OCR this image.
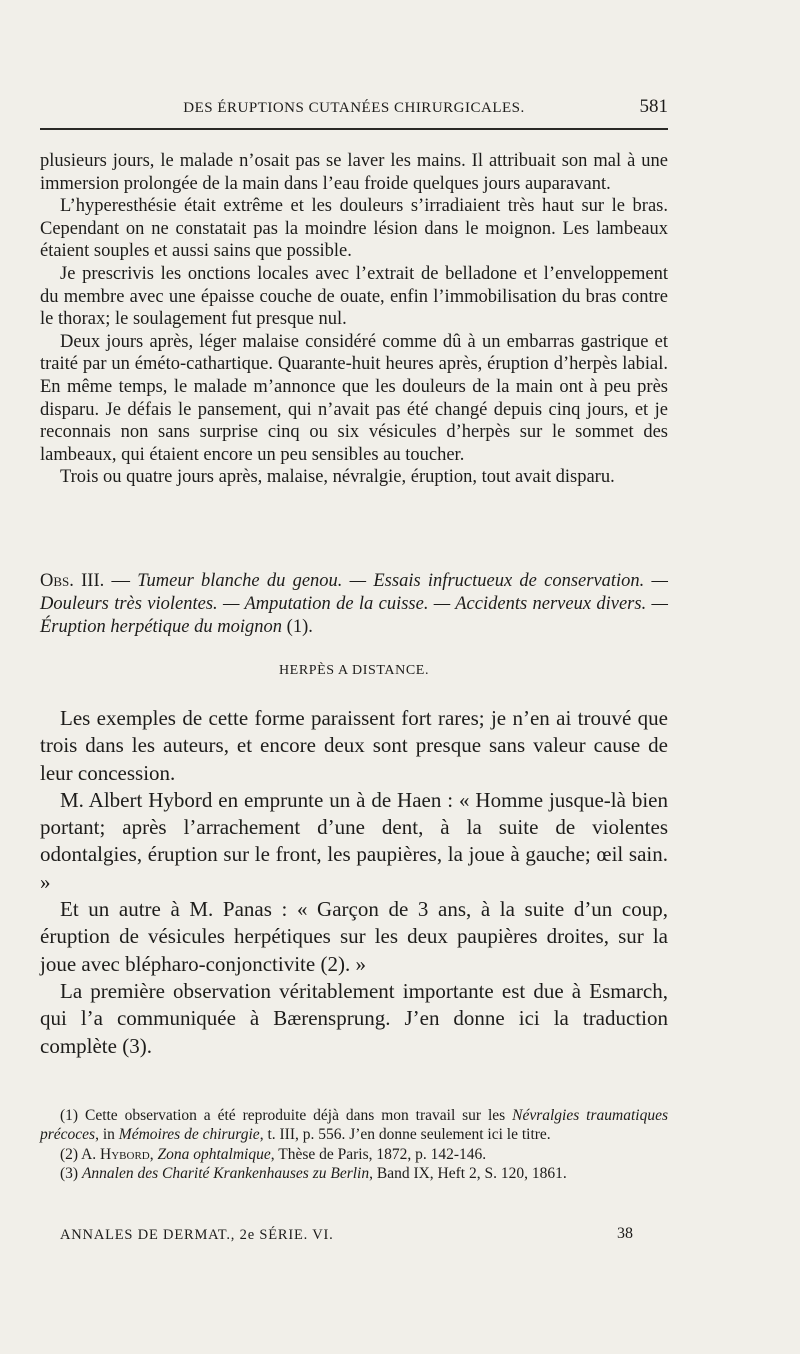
DES ÉRUPTIONS CUTANÉES CHIRURGICALES.	581

plusieurs jours, le malade n’osait pas se laver les mains. Il attribuait son mal à une immersion prolongée de la main dans l’eau froide quelques jours auparavant.

L’hyperesthésie était extrême et les douleurs s’irradiaient très haut sur le bras. Cependant on ne constatait pas la moindre lésion dans le moignon. Les lambeaux étaient souples et aussi sains que possible.

Je prescrivis les onctions locales avec l’extrait de belladone et l’enveloppement du membre avec une épaisse couche de ouate, enfin l’immobilisation du bras contre le thorax; le soulagement fut presque nul.

Deux jours après, léger malaise considéré comme dû à un embarras gastrique et traité par un éméto-cathartique. Quarante-huit heures après, éruption d’herpès labial. En même temps, le malade m’annonce que les douleurs de la main ont à peu près disparu. Je défais le pansement, qui n’avait pas été changé depuis cinq jours, et je reconnais non sans surprise cinq ou six vésicules d’herpès sur le sommet des lambeaux, qui étaient encore un peu sensibles au toucher.

Trois ou quatre jours après, malaise, névralgie, éruption, tout avait disparu.

Obs. III. — Tumeur blanche du genou. — Essais infructueux de conservation. — Douleurs très violentes. — Amputation de la cuisse. — Accidents nerveux divers. — Éruption herpétique du moignon (1).
HERPÈS A DISTANCE.

Les exemples de cette forme paraissent fort rares; je n’en ai trouvé que trois dans les auteurs, et encore deux sont presque sans valeur cause de leur concession.

M. Albert Hybord en emprunte un à de Haen : « Homme jusque-là bien portant; après l’arrachement d’une dent, à la suite de violentes odontalgies, éruption sur le front, les paupières, la joue à gauche; œil sain. »

Et un autre à M. Panas : « Garçon de 3 ans, à la suite d’un coup, éruption de vésicules herpétiques sur les deux paupières droites, sur la joue avec blépharo-conjonctivite (2). »

La première observation véritablement importante est due à Esmarch, qui l’a communiquée à Bærensprung. J’en donne ici la traduction complète (3).

(1) Cette observation a été reproduite déjà dans mon travail sur les Névralgies traumatiques précoces, in Mémoires de chirurgie, t. III, p. 556. J’en donne seulement ici le titre.

(2) A. Hybord, Zona ophtalmique, Thèse de Paris, 1872, p. 142-146.

(3) Annalen des Charité Krankenhauses zu Berlin, Band IX, Heft 2, S. 120, 1861.

ANNALES DE DERMAT., 2e SÉRIE. VI.	38
